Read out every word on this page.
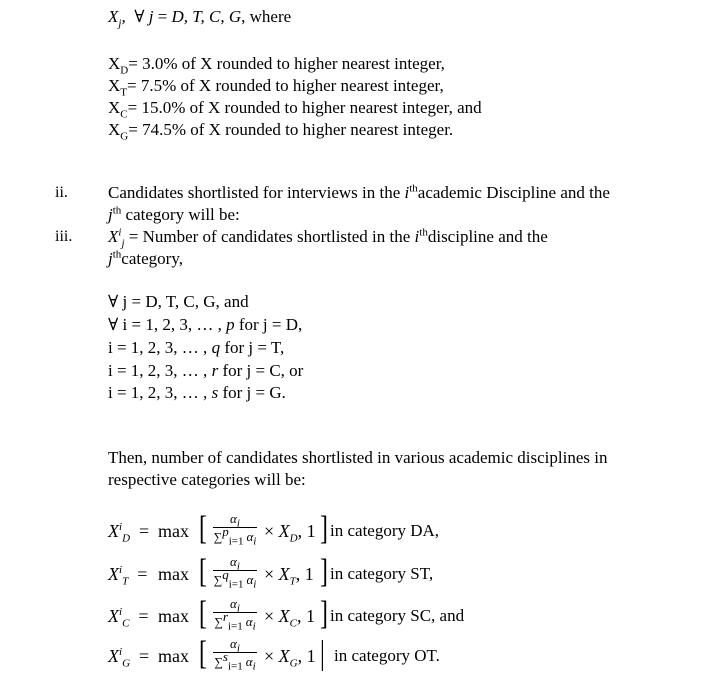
$X_j$, ∀ j = D, T, C, G, where
$X_D= 3.0\%$ of X rounded to higher nearest integer,
$X_T= 7.5\%$ of X rounded to higher nearest integer,
$X_C= 15.0\%$ of X rounded to higher nearest integer, and
$X_G= 74.5\%$ of X rounded to higher nearest integer.
ii. Candidates shortlisted for interviews in the $i^{th}academic$ Discipline and the
$j^{th}$ category will be:
iii. $X^i_j$ = Number of candidates shortlisted in the $i^{th}discipline$ and the
$j^{th}category$,
∀ j = D, T, C, G, and
∀ i = 1, 2, 3, … , p for j = D,
i = 1, 2, 3, … , q for j = T,
i = 1, 2, 3, … , r for j = C, or
i = 1, 2, 3, … , s for j = G.
Then, number of candidates shortlisted in various academic disciplines in
respective categories will be:
$X^i_D = \max$ [	$\alpha_i$
∑$^p_{i=1}$ $\alpha_i$
× $X_D$, 1 ] in category DA,
$X^i_T = \max$ [	$\alpha_i$
∑$^q_{i=1}$ $\alpha_i$
× $X_T$, 1 ] in category ST,
$X^i_C = \max$ [	$\alpha_i$
∑$^r_{i=1}$ $\alpha_i$
× $X_C$, 1 ] in category SC, and
$X^i_G = \max$ [	$\alpha_i$
∑$^s_{i=1}$ $\alpha_i$
× $X_G$, 1 | in category OT.
